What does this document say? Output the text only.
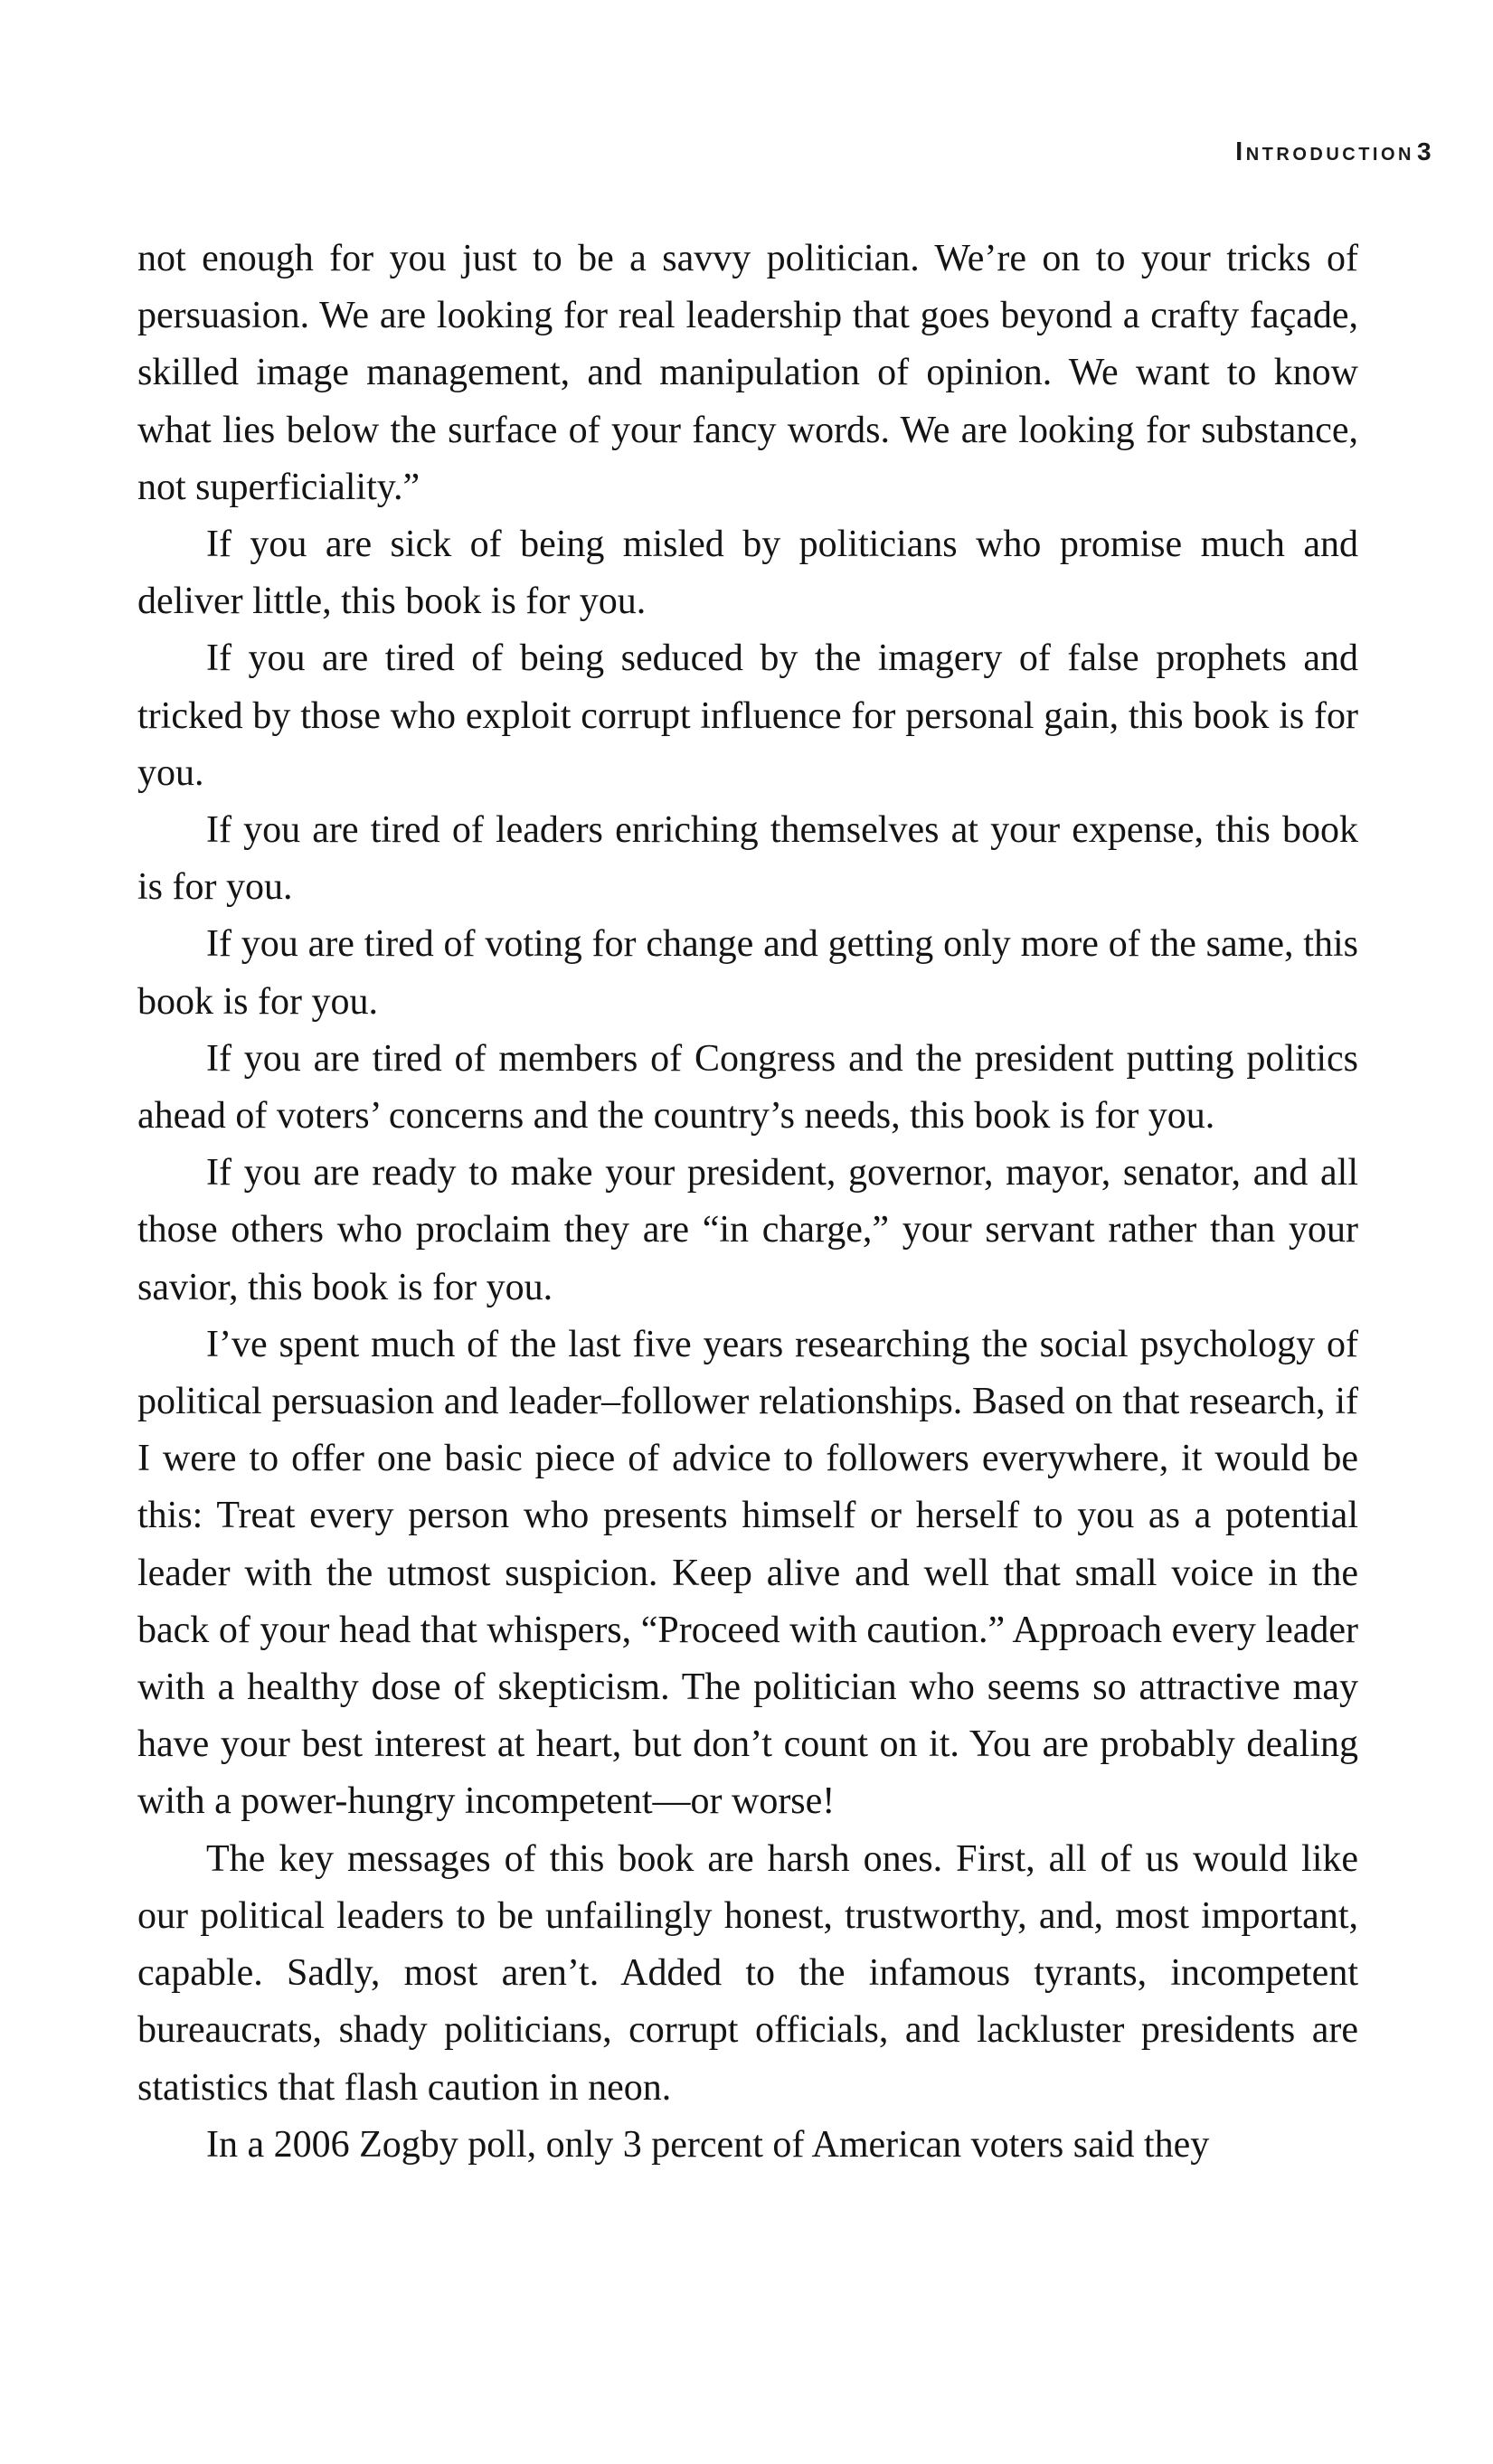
Introduction 3

not enough for you just to be a savvy politician. We’re on to your tricks of persuasion. We are looking for real leadership that goes beyond a crafty façade, skilled image management, and manipulation of opinion. We want to know what lies below the surface of your fancy words. We are looking for substance, not superficiality.”

If you are sick of being misled by politicians who promise much and deliver little, this book is for you.

If you are tired of being seduced by the imagery of false prophets and tricked by those who exploit corrupt influence for personal gain, this book is for you.

If you are tired of leaders enriching themselves at your expense, this book is for you.

If you are tired of voting for change and getting only more of the same, this book is for you.

If you are tired of members of Congress and the president putting politics ahead of voters’ concerns and the country’s needs, this book is for you.

If you are ready to make your president, governor, mayor, senator, and all those others who proclaim they are “in charge,” your servant rather than your savior, this book is for you.

I’ve spent much of the last five years researching the social psychology of political persuasion and leader–follower relationships. Based on that research, if I were to offer one basic piece of advice to followers everywhere, it would be this: Treat every person who presents himself or herself to you as a potential leader with the utmost suspicion. Keep alive and well that small voice in the back of your head that whispers, “Proceed with caution.” Approach every leader with a healthy dose of skepticism. The politician who seems so attractive may have your best interest at heart, but don’t count on it. You are probably dealing with a power-hungry incompetent—or worse!

The key messages of this book are harsh ones. First, all of us would like our political leaders to be unfailingly honest, trustworthy, and, most important, capable. Sadly, most aren’t. Added to the infamous tyrants, incompetent bureaucrats, shady politicians, corrupt officials, and lackluster presidents are statistics that flash caution in neon.

In a 2006 Zogby poll, only 3 percent of American voters said they
